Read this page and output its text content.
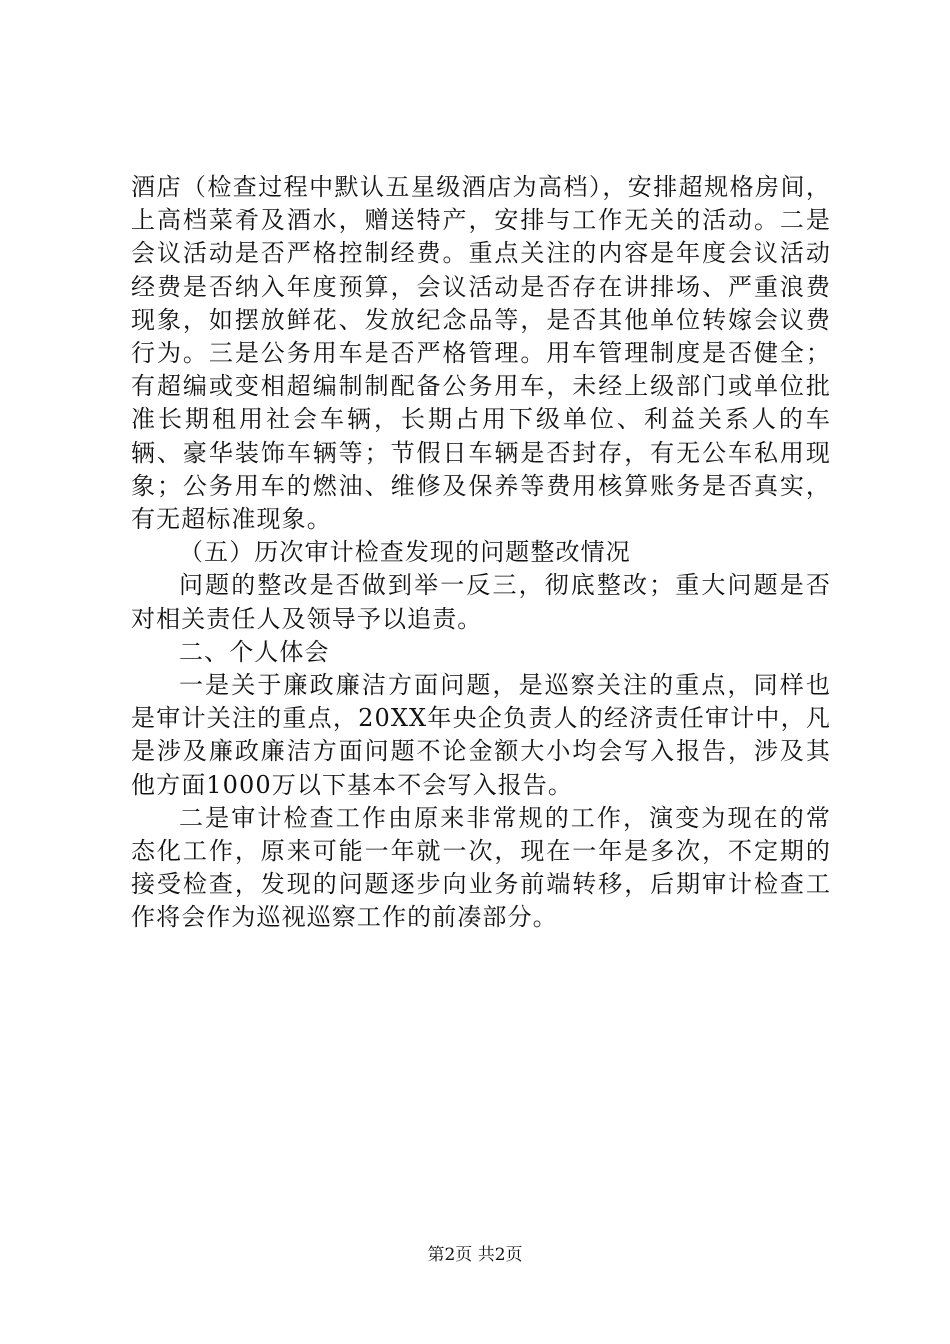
酒店（检查过程中默认五星级酒店为高档），安排超规格房间，上高档菜肴及酒水，赠送特产，安排与工作无关的活动。二是会议活动是否严格控制经费。重点关注的内容是年度会议活动经费是否纳入年度预算，会议活动是否存在讲排场、严重浪费现象，如摆放鲜花、发放纪念品等，是否其他单位转嫁会议费行为。三是公务用车是否严格管理。用车管理制度是否健全；有超编或变相超编制制配备公务用车，未经上级部门或单位批准长期租用社会车辆，长期占用下级单位、利益关系人的车辆、豪华装饰车辆等；节假日车辆是否封存，有无公车私用现象；公务用车的燃油、维修及保养等费用核算账务是否真实，有无超标准现象。

（五）历次审计检查发现的问题整改情况

问题的整改是否做到举一反三，彻底整改；重大问题是否对相关责任人及领导予以追责。

二、个人体会

一是关于廉政廉洁方面问题，是巡察关注的重点，同样也是审计关注的重点，20XX年央企负责人的经济责任审计中，凡是涉及廉政廉洁方面问题不论金额大小均会写入报告，涉及其他方面1000万以下基本不会写入报告。

二是审计检查工作由原来非常规的工作，演变为现在的常态化工作，原来可能一年就一次，现在一年是多次，不定期的接受检查，发现的问题逐步向业务前端转移，后期审计检查工作将会作为巡视巡察工作的前凑部分。

第2页 共2页
